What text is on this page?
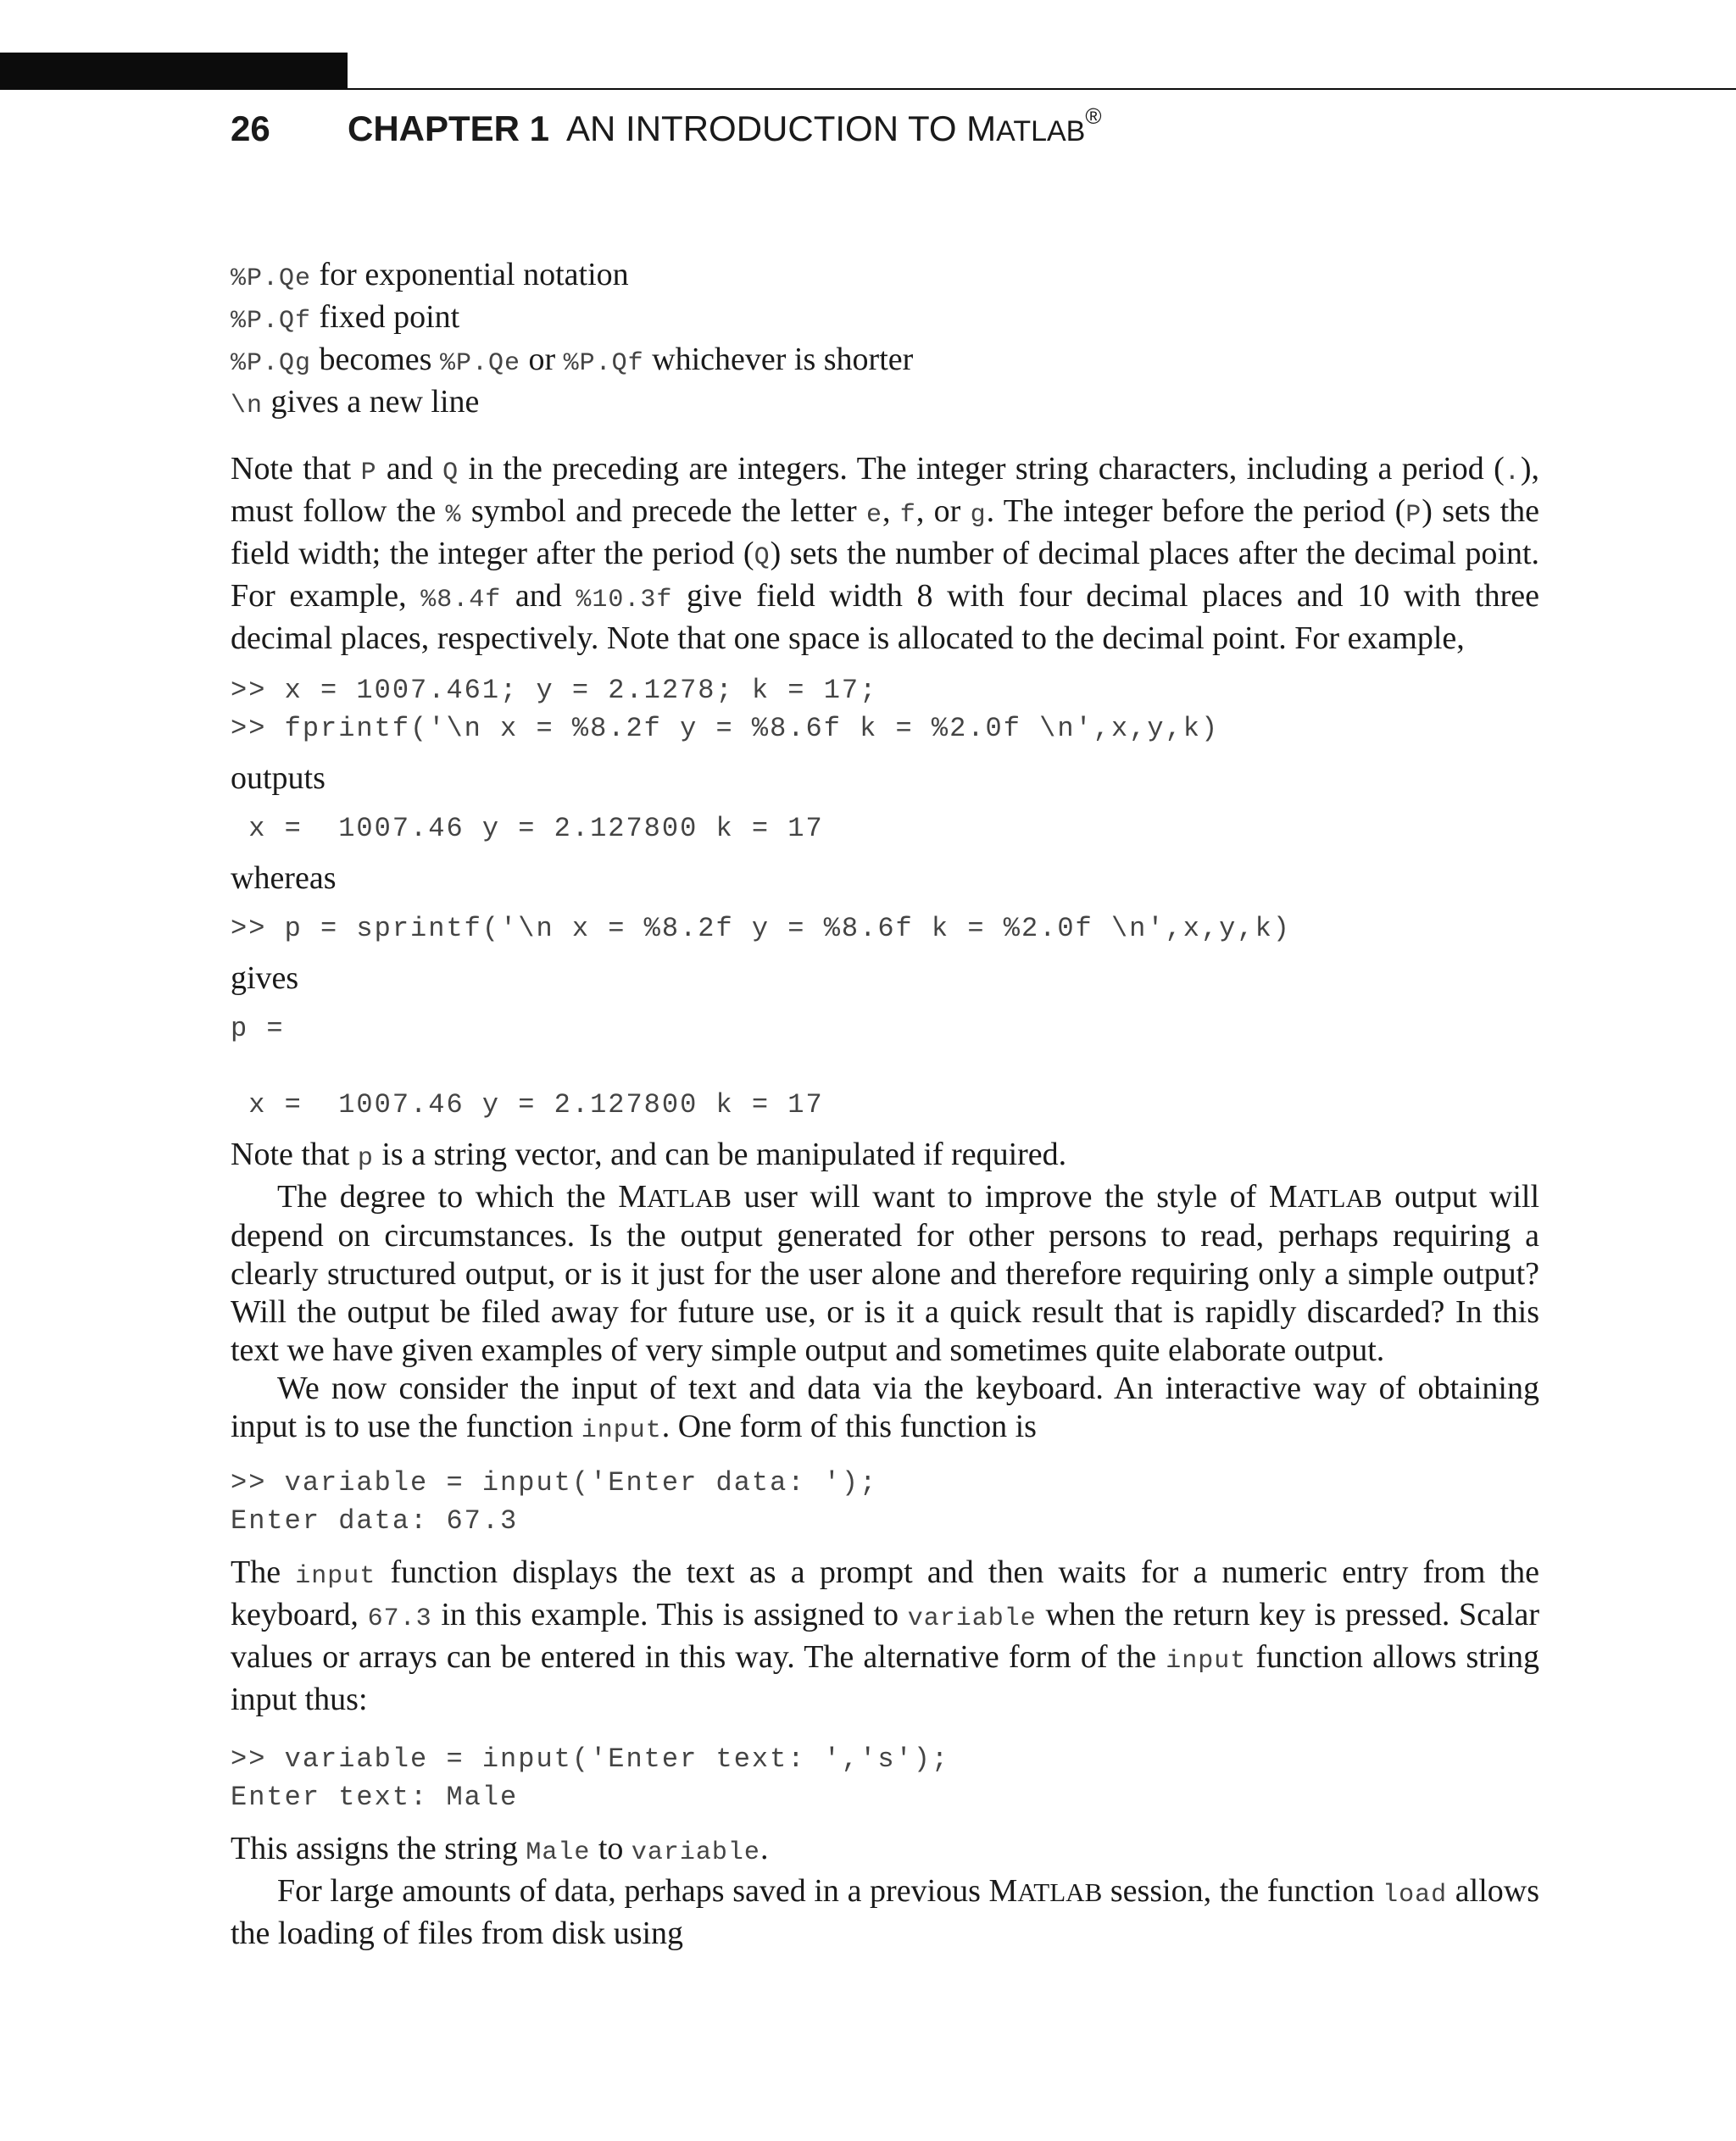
26 CHAPTER 1 AN INTRODUCTION TO MATLAB®
%P.Qe for exponential notation
%P.Qf fixed point
%P.Qg becomes %P.Qe or %P.Qf whichever is shorter
\n gives a new line
Note that P and Q in the preceding are integers. The integer string characters, including a period (.), must follow the % symbol and precede the letter e, f, or g. The integer before the period (P) sets the field width; the integer after the period (Q) sets the number of decimal places after the decimal point. For example, %8.4f and %10.3f give field width 8 with four decimal places and 10 with three decimal places, respectively. Note that one space is allocated to the decimal point. For example,
>> x = 1007.461; y = 2.1278; k = 17;
>> fprintf('\n x = %8.2f y = %8.6f k = %2.0f \n',x,y,k)
outputs
x =  1007.46 y = 2.127800 k = 17
whereas
>> p = sprintf('\n x = %8.2f y = %8.6f k = %2.0f \n',x,y,k)
gives
p =

x =  1007.46 y = 2.127800 k = 17
Note that p is a string vector, and can be manipulated if required.
The degree to which the MATLAB user will want to improve the style of MATLAB output will depend on circumstances. Is the output generated for other persons to read, perhaps requiring a clearly structured output, or is it just for the user alone and therefore requiring only a simple output? Will the output be filed away for future use, or is it a quick result that is rapidly discarded? In this text we have given examples of very simple output and sometimes quite elaborate output.
We now consider the input of text and data via the keyboard. An interactive way of obtaining input is to use the function input. One form of this function is
>> variable = input('Enter data: ');
Enter data: 67.3
The input function displays the text as a prompt and then waits for a numeric entry from the keyboard, 67.3 in this example. This is assigned to variable when the return key is pressed. Scalar values or arrays can be entered in this way. The alternative form of the input function allows string input thus:
>> variable = input('Enter text: ','s');
Enter text: Male
This assigns the string Male to variable.
For large amounts of data, perhaps saved in a previous MATLAB session, the function load allows the loading of files from disk using
